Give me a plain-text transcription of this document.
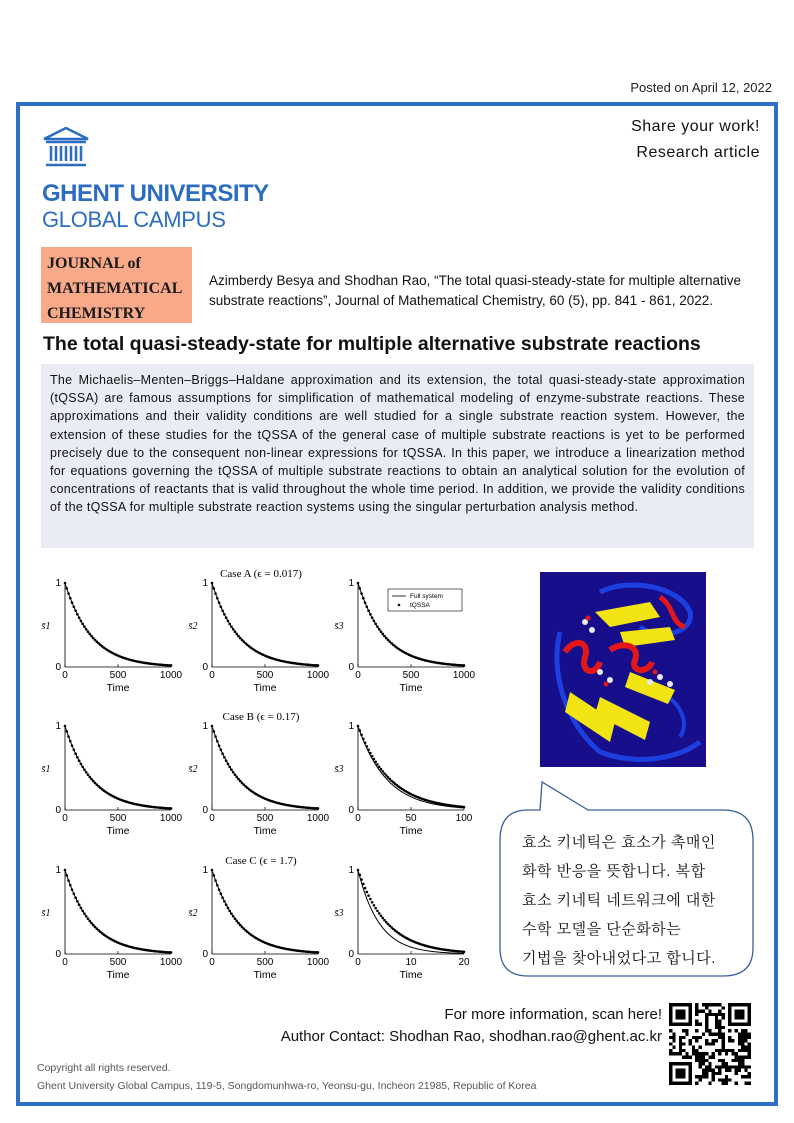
Posted on April 12, 2022
Share your work!
Research article
GHENT UNIVERSITY
GLOBAL CAMPUS
JOURNAL of
MATHEMATICAL
CHEMISTRY
Azimberdy Besya and Shodhan Rao, “The total quasi-steady-state for multiple alternative substrate reactions”, Journal of Mathematical Chemistry, 60 (5), pp. 841 - 861, 2022.
The total quasi-steady-state for multiple alternative substrate reactions
The Michaelis–Menten–Briggs–Haldane approximation and its extension, the total quasi-steady-state approximation (tQSSA) are famous assumptions for simplification of mathematical modeling of enzyme-substrate reactions. These approximations and their validity conditions are well studied for a single substrate reaction system. However, the extension of these studies for the tQSSA of the general case of multiple substrate reactions is yet to be performed precisely due to the consequent non-linear expressions for tQSSA. In this paper, we introduce a linearization method for equations governing the tQSSA of multiple substrate reactions to obtain an analytical solution for the evolution of concentrations of reactants that is valid throughout the whole time period. In addition, we provide the validity conditions of the tQSSA for multiple substrate reaction systems using the singular perturbation analysis method.
0	500	1000
0
1
Time
s̄1
0	500	1000
0
1
Time
s̄2
Case A (ϵ = 0.017)
0	500	1000
0
1
Time
s̄3
Full system
tQSSA
0	500	1000
0
1
Time
s̄1
0	500	1000
0
1
Time
s̄2
Case B (ϵ = 0.17)
0	50	100
0
1
Time
s̄3
0	500	1000
0
1
Time
s̄1
0	500	1000
0
1
Time
s̄2
Case C (ϵ = 1.7)
0	10	20
0
1
Time
s̄3
효소 키네틱은 효소가 촉매인
화학 반응을 뜻합니다. 복합
효소 키네틱 네트워크에 대한
수학 모델을 단순화하는
기법을 찾아내었다고 합니다.
For more information, scan here!
Author Contact: Shodhan Rao, shodhan.rao@ghent.ac.kr
Copyright all rights reserved.
Ghent University Global Campus, 119-5, Songdomunhwa-ro, Yeonsu-gu, Incheon 21985, Republic of Korea
